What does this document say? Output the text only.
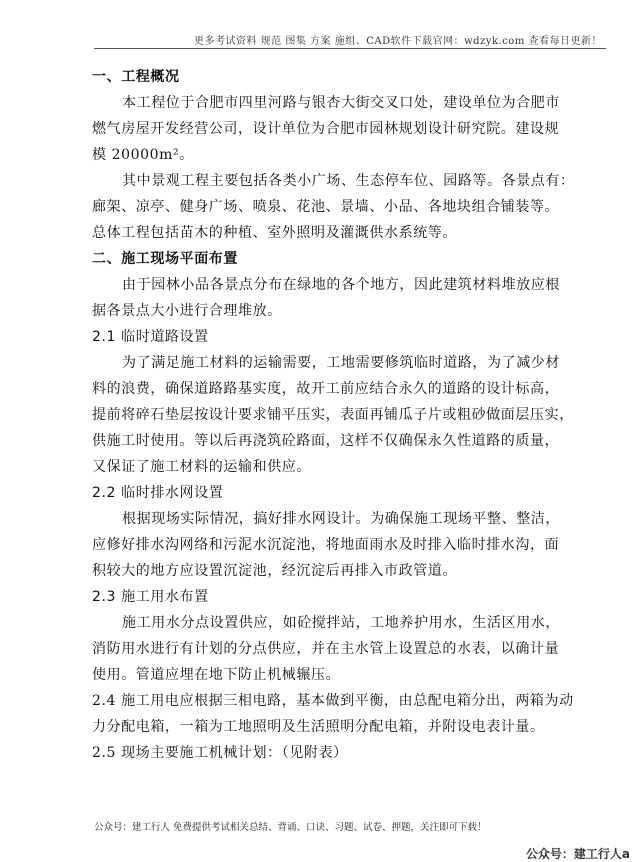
更多考试资料 规范 图集 方案 施组、CAD软件下载官网：wdzyk.com 查看每日更新！
一、工程概况
本工程位于合肥市四里河路与银杏大街交叉口处，建设单位为合肥市
燃气房屋开发经营公司，设计单位为合肥市园林规划设计研究院。建设规
模 20000m²。
其中景观工程主要包括各类小广场、生态停车位、园路等。各景点有：
廊架、凉亭、健身广场、喷泉、花池、景墙、小品、各地块组合铺装等。
总体工程包括苗木的种植、室外照明及灌溉供水系统等。
二、施工现场平面布置
由于园林小品各景点分布在绿地的各个地方，因此建筑材料堆放应根
据各景点大小进行合理堆放。
2.1 临时道路设置
为了满足施工材料的运输需要，工地需要修筑临时道路，为了减少材
料的浪费，确保道路路基实度，故开工前应结合永久的道路的设计标高，
提前将碎石垫层按设计要求铺平压实，表面再铺瓜子片或粗砂做面层压实，
供施工时使用。等以后再浇筑砼路面，这样不仅确保永久性道路的质量，
又保证了施工材料的运输和供应。
2.2 临时排水网设置
根据现场实际情况，搞好排水网设计。为确保施工现场平整、整洁，
应修好排水沟网络和污泥水沉淀池，将地面雨水及时排入临时排水沟，面
积较大的地方应设置沉淀池，经沉淀后再排入市政管道。
2.3 施工用水布置
施工用水分点设置供应，如砼搅拌站，工地养护用水，生活区用水，
消防用水进行有计划的分点供应，并在主水管上设置总的水表，以确计量
使用。管道应埋在地下防止机械辗压。
2.4 施工用电应根据三相电路，基本做到平衡，由总配电箱分出，两箱为动
力分配电箱，一箱为工地照明及生活照明分配电箱，并附设电表计量。
2.5 现场主要施工机械计划：（见附表）
公众号：建工行人 免费提供考试相关总结、背诵、口诀、习题、试卷、押题，关注即可下载！
公众号：建工行人a
